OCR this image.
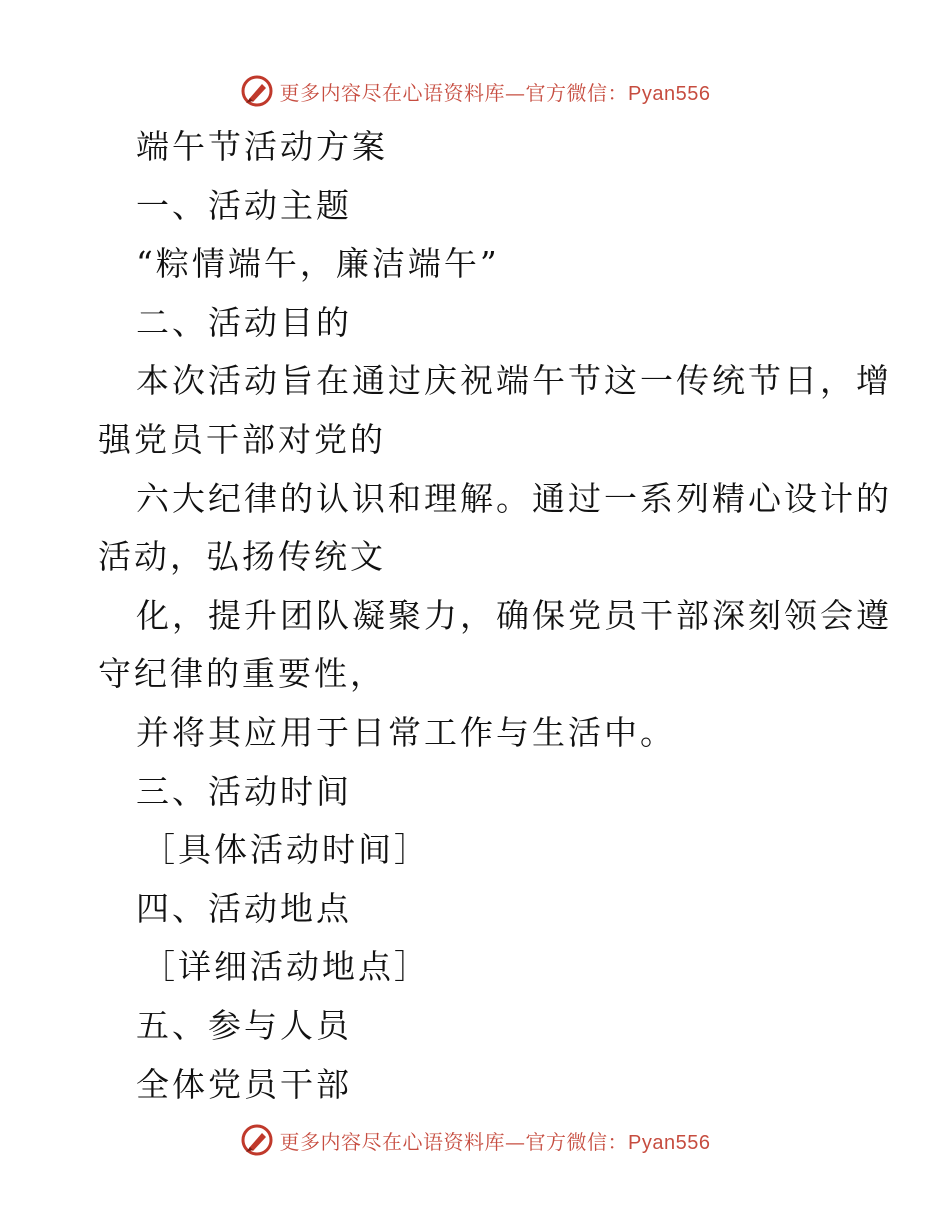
更多内容尽在心语资料库—官方微信：Pyan556
端午节活动方案
一、活动主题
“粽情端午，廉洁端午”
二、活动目的
本次活动旨在通过庆祝端午节这一传统节日，增
强党员干部对党的
六大纪律的认识和理解。通过一系列精心设计的
活动，弘扬传统文
化，提升团队凝聚力，确保党员干部深刻领会遵
守纪律的重要性，
并将其应用于日常工作与生活中。
三、活动时间
［具体活动时间］
四、活动地点
［详细活动地点］
五、参与人员
全体党员干部
更多内容尽在心语资料库—官方微信：Pyan556
